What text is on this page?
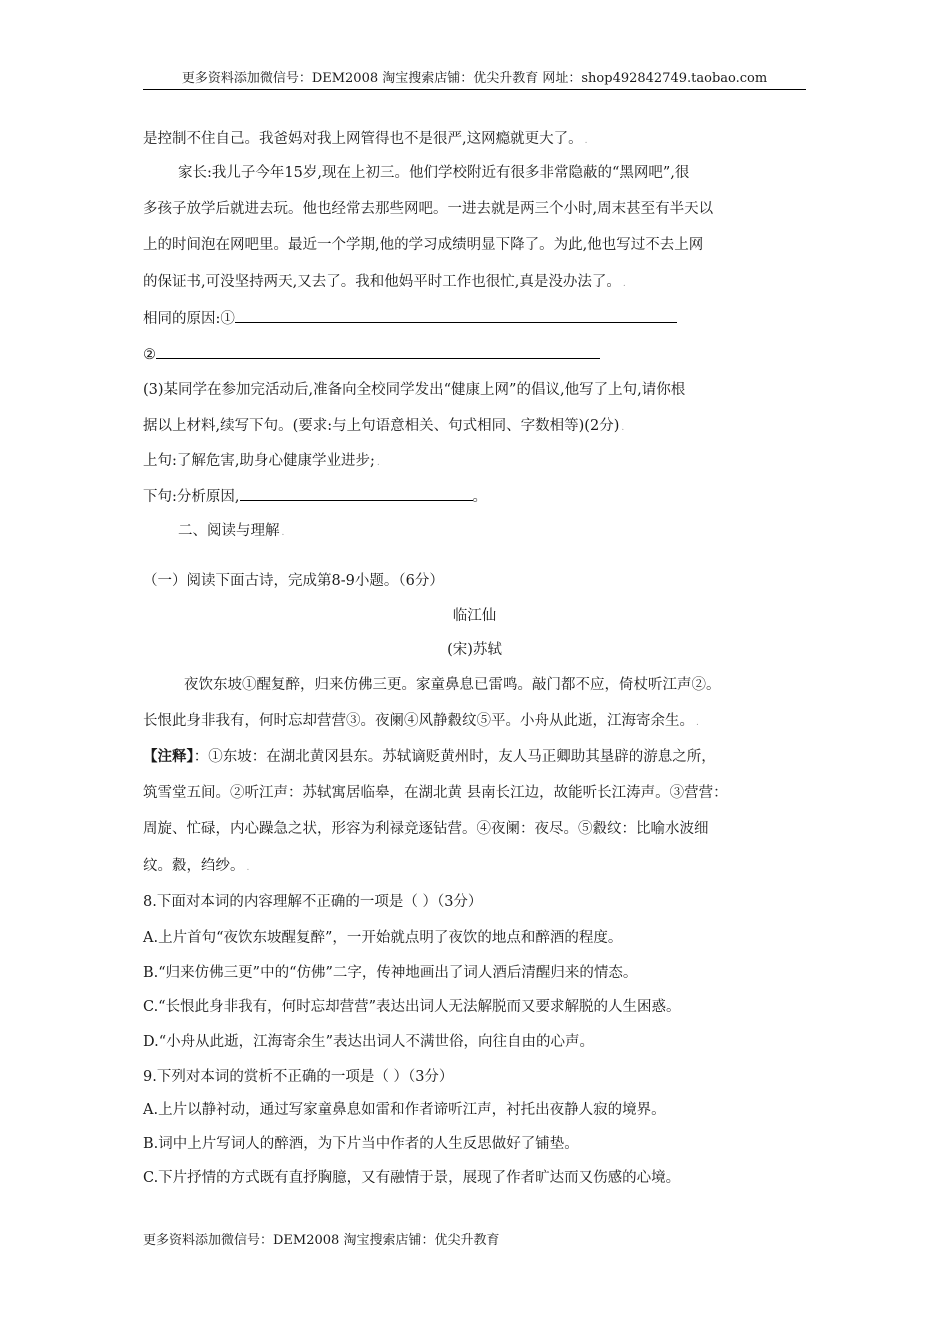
更多资料添加微信号：DEM2008 淘宝搜索店铺：优尖升教育 网址：shop492842749.taobao.com
是控制不住自己。我爸妈对我上网管得也不是很严,这网瘾就更大了。 .
家长:我儿子今年15岁,现在上初三。他们学校附近有很多非常隐蔽的“黑网吧”,很
多孩子放学后就进去玩。他也经常去那些网吧。一进去就是两三个小时,周末甚至有半天以
上的时间泡在网吧里。最近一个学期,他的学习成绩明显下降了。为此,他也写过不去上网
的保证书,可没坚持两天,又去了。我和他妈平时工作也很忙,真是没办法了。 .
相同的原因:①
②
(3)某同学在参加完活动后,准备向全校同学发出“健康上网”的倡议,他写了上句,请你根
据以上材料,续写下句。(要求:与上句语意相关、句式相同、字数相等)(2分) .
上句:了解危害,助身心健康学业进步; .
下句:分析原因,	。
二、阅读与理解 .
（一）阅读下面古诗，完成第8-9小题。（6分）
临江仙
(宋)苏轼
夜饮东坡①醒复醉，归来仿佛三更。家童鼻息已雷鸣。敲门都不应，倚杖听江声②。
长恨此身非我有，何时忘却营营③。夜阑④风静縠纹⑤平。小舟从此逝，江海寄余生。 .
【注释】：①东坡：在湖北黄冈县东。苏轼谪贬黄州时，友人马正卿助其垦辟的游息之所，
筑雪堂五间。②听江声：苏轼寓居临皋，在湖北黄 县南长江边，故能听长江涛声。③营营：
周旋、忙碌，内心躁急之状，形容为利禄竞逐钻营。④夜阑：夜尽。⑤縠纹：比喻水波细
纹。縠，绉纱。 .
8.下面对本词的内容理解不正确的一项是（ ）（3分）
A.上片首句“夜饮东坡醒复醉”，一开始就点明了夜饮的地点和醉酒的程度。
B.“归来仿佛三更”中的“仿佛”二字，传神地画出了词人酒后清醒归来的情态。
C.“长恨此身非我有，何时忘却营营”表达出词人无法解脱而又要求解脱的人生困惑。
D.“小舟从此逝，江海寄余生”表达出词人不满世俗，向往自由的心声。
9.下列对本词的赏析不正确的一项是（ ）（3分）
A.上片以静衬动，通过写家童鼻息如雷和作者谛听江声，衬托出夜静人寂的境界。
B.词中上片写词人的醉酒，为下片当中作者的人生反思做好了铺垫。
C.下片抒情的方式既有直抒胸臆，又有融情于景，展现了作者旷达而又伤感的心境。
更多资料添加微信号：DEM2008 淘宝搜索店铺：优尖升教育
